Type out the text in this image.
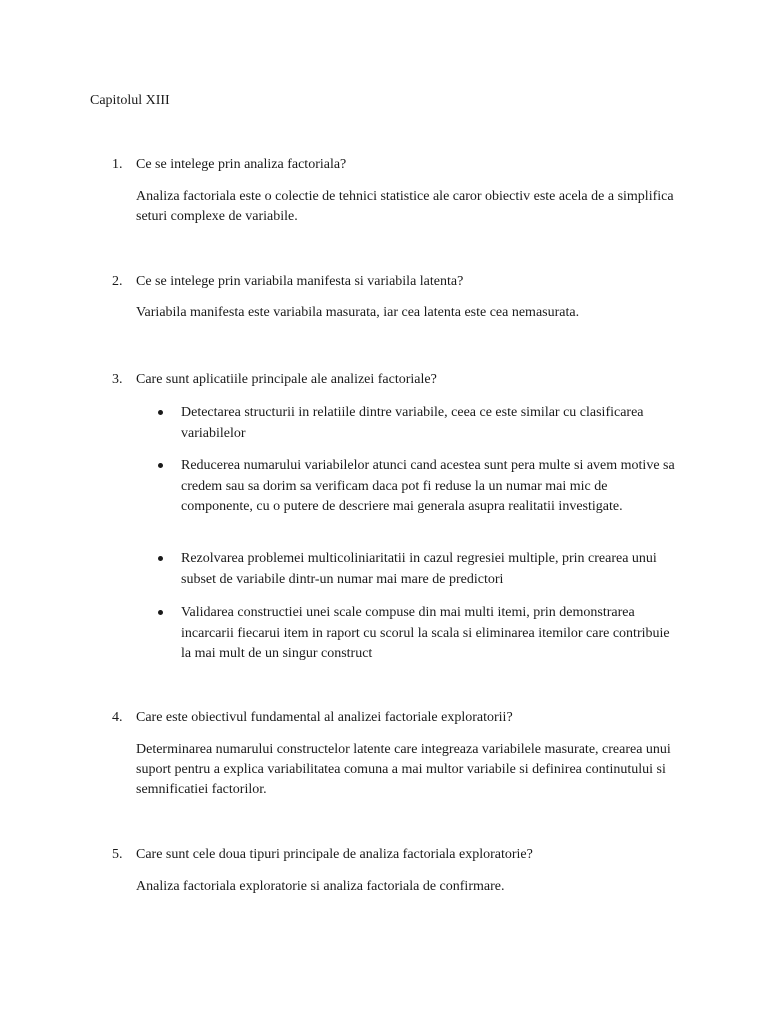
Capitolul XIII
1. Ce se intelege prin analiza factoriala?
Analiza factoriala este o colectie de tehnici statistice ale caror obiectiv este acela de a simplifica seturi complexe de variabile.
2. Ce se intelege prin variabila manifesta si variabila latenta?
Variabila manifesta este variabila masurata, iar cea latenta este cea nemasurata.
3. Care sunt aplicatiile principale ale analizei factoriale?
Detectarea structurii in relatiile dintre variabile, ceea ce este similar cu clasificarea variabilelor
Reducerea numarului variabilelor atunci cand acestea sunt pera multe si avem motive sa credem sau sa dorim sa verificam daca pot fi reduse la un numar mai mic de componente, cu o putere de descriere mai generala asupra realitatii investigate.
Rezolvarea problemei multicoliniaritatii in cazul regresiei multiple, prin crearea unui subset de variabile dintr-un numar mai mare de predictori
Validarea constructiei unei scale compuse din mai multi itemi, prin demonstrarea incarcarii fiecarui item in raport cu scorul la scala si eliminarea itemilor care contribuie la mai mult de un singur construct
4. Care este obiectivul fundamental al analizei factoriale exploratorii?
Determinarea numarului constructelor latente care integreaza variabilele masurate, crearea unui suport pentru a explica variabilitatea comuna a mai multor variabile si definirea continutului si semnificatiei factorilor.
5. Care sunt cele doua tipuri principale de analiza factoriala exploratorie?
Analiza factoriala exploratorie si analiza factoriala de confirmare.
